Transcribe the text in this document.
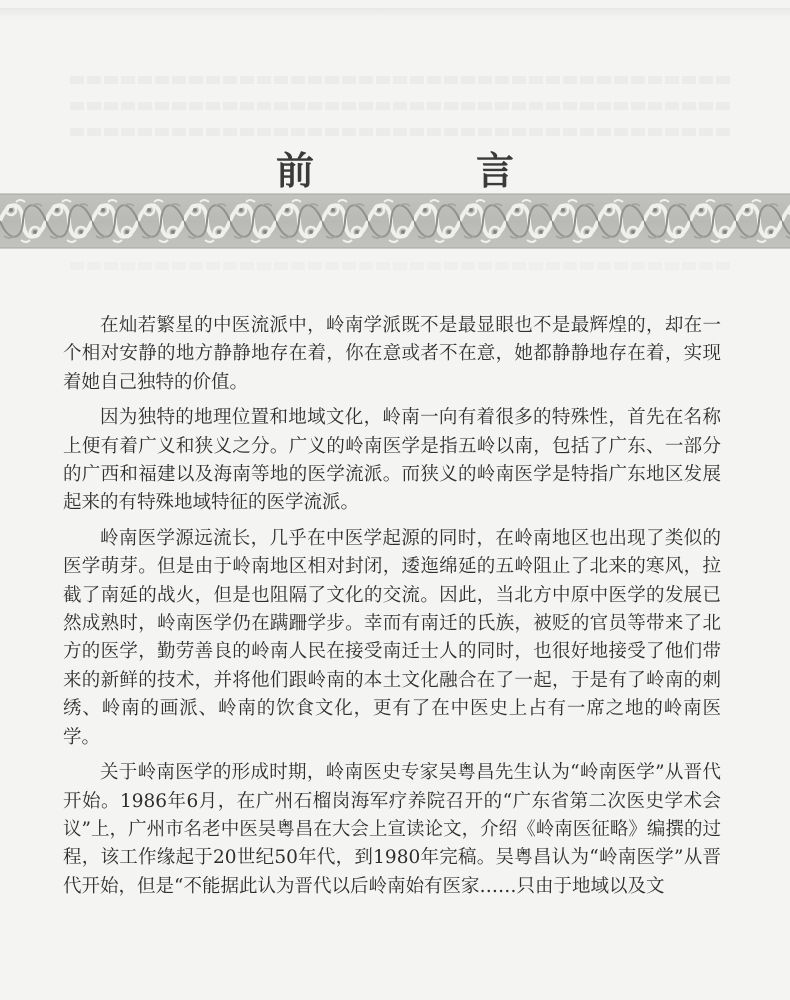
前　言

在灿若繁星的中医流派中，岭南学派既不是最显眼也不是最辉煌的，却在一个相对安静的地方静静地存在着，你在意或者不在意，她都静静地存在着，实现着她自己独特的价值。

因为独特的地理位置和地域文化，岭南一向有着很多的特殊性，首先在名称上便有着广义和狭义之分。广义的岭南医学是指五岭以南，包括了广东、一部分的广西和福建以及海南等地的医学流派。而狭义的岭南医学是特指广东地区发展起来的有特殊地域特征的医学流派。

岭南医学源远流长，几乎在中医学起源的同时，在岭南地区也出现了类似的医学萌芽。但是由于岭南地区相对封闭，逶迤绵延的五岭阻止了北来的寒风，拉截了南延的战火，但是也阻隔了文化的交流。因此，当北方中原中医学的发展已然成熟时，岭南医学仍在蹒跚学步。幸而有南迁的氏族，被贬的官员等带来了北方的医学，勤劳善良的岭南人民在接受南迁士人的同时，也很好地接受了他们带来的新鲜的技术，并将他们跟岭南的本土文化融合在了一起，于是有了岭南的刺绣、岭南的画派、岭南的饮食文化，更有了在中医史上占有一席之地的岭南医学。

关于岭南医学的形成时期，岭南医史专家吴粤昌先生认为“岭南医学”从晋代开始。1986年6月，在广州石榴岗海军疗养院召开的“广东省第二次医史学术会议”上，广州市名老中医吴粤昌在大会上宣读论文，介绍《岭南医征略》编撰的过程，该工作缘起于20世纪50年代，到1980年完稿。吴粤昌认为“岭南医学”从晋代开始，但是“不能据此认为晋代以后岭南始有医家……只由于地域以及文
